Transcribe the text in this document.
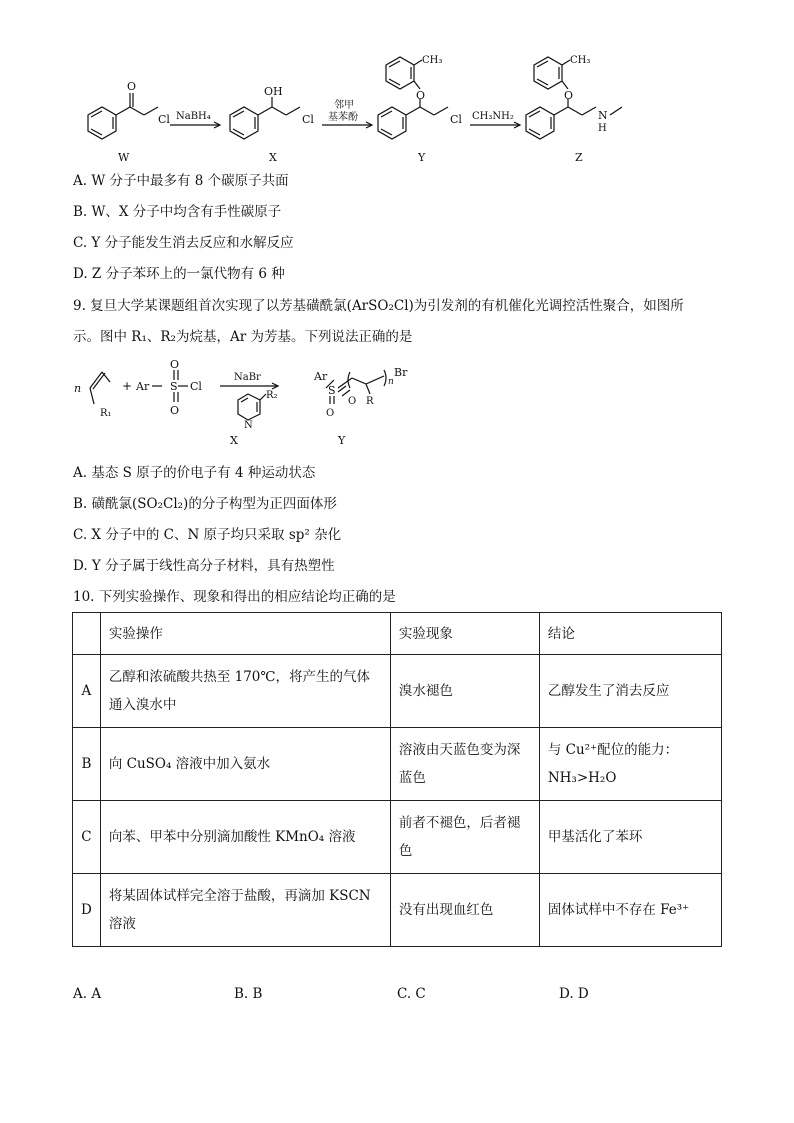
O
Cl
W
NaBH₄
OH
Cl
X
邻甲
基苯酚
O
CH₃
Cl
Y
CH₃NH₂
O
CH₃
N
H
Z
A. W 分子中最多有 8 个碳原子共面
B. W、X 分子中均含有手性碳原子
C. Y 分子能发生消去反应和水解反应
D. Z 分子苯环上的一氯代物有 6 种
9. 复旦大学某课题组首次实现了以芳基磺酰氯(ArSO₂Cl)为引发剂的有机催化光调控活性聚合，如图所
示。图中 R₁、R₂为烷基，Ar 为芳基。下列说法正确的是
n
R₁
+ Ar S Cl
O
O
NaBr
R₂
N
X
Ar
S
O
O R
n
Br
Y
A. 基态 S 原子的价电子有 4 种运动状态
B. 磺酰氯(SO₂Cl₂)的分子构型为正四面体形
C. X 分子中的 C、N 原子均只采取 sp² 杂化
D. Y 分子属于线性高分子材料，具有热塑性
10. 下列实验操作、现象和得出的相应结论均正确的是
	实验操作	实验现象	结论
A	乙醇和浓硫酸共热至 170℃，将产生的气体通入溴水中	溴水褪色	乙醇发生了消去反应
B	向 CuSO₄ 溶液中加入氨水	溶液由天蓝色变为深蓝色	与 Cu²⁺配位的能力：NH₃>H₂O
C	向苯、甲苯中分别滴加酸性 KMnO₄ 溶液	前者不褪色，后者褪色	甲基活化了苯环
D	将某固体试样完全溶于盐酸，再滴加 KSCN 溶液	没有出现血红色	固体试样中不存在 Fe³⁺
A. A	B. B	C. C	D. D
